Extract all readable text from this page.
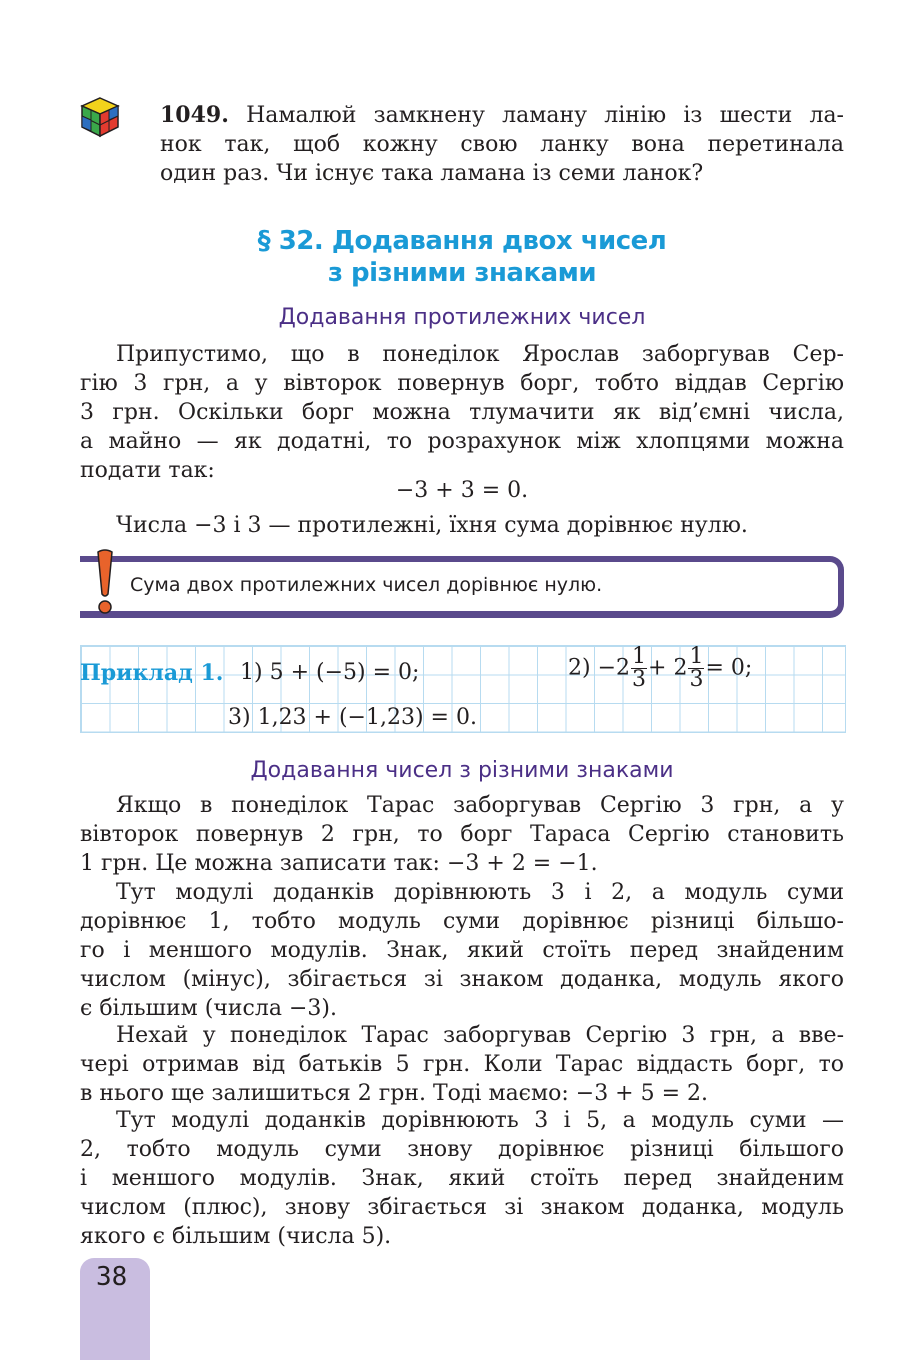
1049. Намалюй замкнену ламану лінію із шести ла-
нок так, щоб кожну свою ланку вона перетинала
один раз. Чи існує така ламана із семи ланок?
§ 32. Додавання двох чисел
з різними знаками
Додавання протилежних чисел
Припустимо, що в понеділок Ярослав заборгував Сер-
гію 3 грн, а у вівторок повернув борг, тобто віддав Сергію
3 грн. Оскільки борг можна тлумачити як від’ємні числа,
а майно — як додатні, то розрахунок між хлопцями можна
подати так:
−3 + 3 = 0.
Числа −3 і 3 — протилежні, їхня сума дорівнює нулю.
Сума двох протилежних чисел дорівнює нулю.
Приклад 1. 1) 5 + (−5) = 0;	$2) -2 \frac{1}{3} + 2 \frac{1}{3} = 0$;
3) 1,23 + (−1,23) = 0.
Додавання чисел з різними знаками
Якщо в понеділок Тарас заборгував Сергію 3 грн, а у
вівторок повернув 2 грн, то борг Тараса Сергію становить
1 грн. Це можна записати так: −3 + 2 = −1.
Тут модулі доданків дорівнюють 3 і 2, а модуль суми
дорівнює 1, тобто модуль суми дорівнює різниці більшо-
го і меншого модулів. Знак, який стоїть перед знайденим
числом (мінус), збігається зі знаком доданка, модуль якого
є більшим (числа −3).
Нехай у понеділок Тарас заборгував Сергію 3 грн, а вве-
чері отримав від батьків 5 грн. Коли Тарас віддасть борг, то
в нього ще залишиться 2 грн. Тоді маємо: −3 + 5 = 2.
Тут модулі доданків дорівнюють 3 і 5, а модуль суми —
2, тобто модуль суми знову дорівнює різниці більшого
і меншого модулів. Знак, який стоїть перед знайденим
числом (плюс), знову збігається зі знаком доданка, модуль
якого є більшим (числа 5).
38
